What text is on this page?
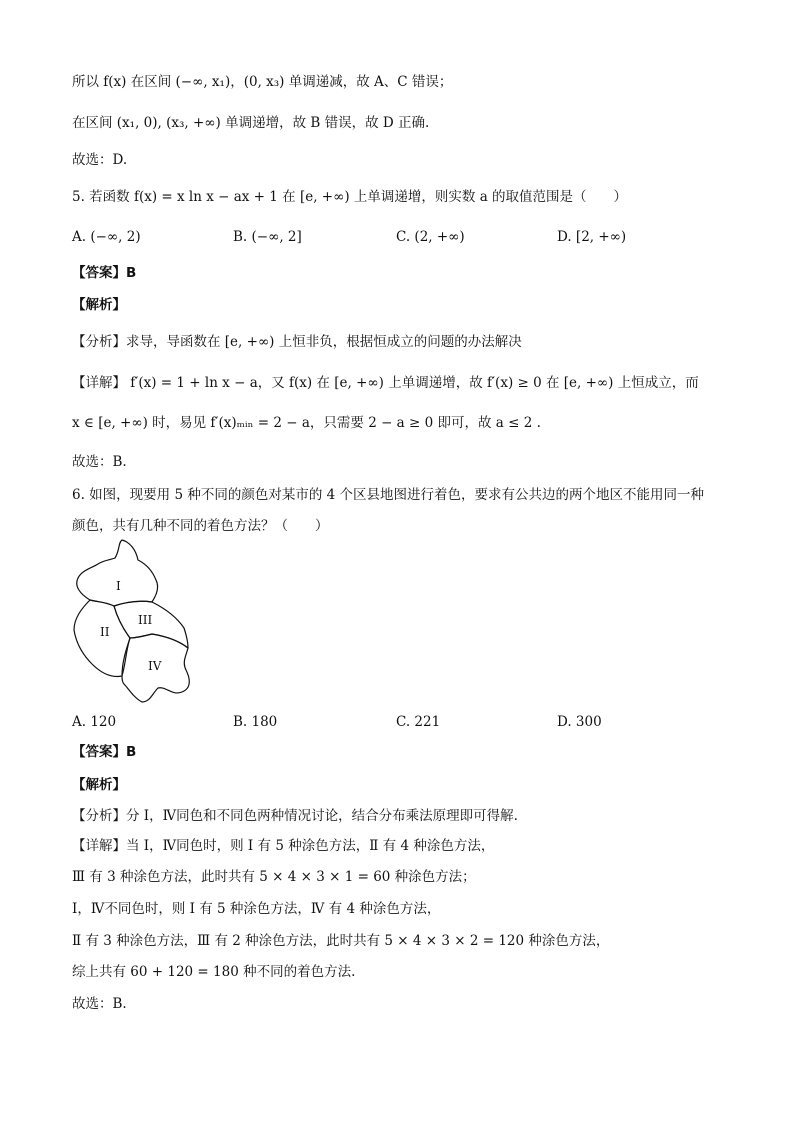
所以 f(x) 在区间 (−∞, x₁)，(0, x₃) 单调递减，故 A、C 错误；
在区间 (x₁, 0), (x₃, +∞) 单调递增，故 B 错误，故 D 正确.
故选：D.
5. 若函数 f(x) = x ln x − ax + 1 在 [e, +∞) 上单调递增，则实数 a 的取值范围是（　　）
A. (−∞, 2)	B. (−∞, 2]	C. (2, +∞)	D. [2, +∞)
【答案】B
【解析】
【分析】求导，导函数在 [e, +∞) 上恒非负，根据恒成立的问题的办法解决
【详解】 f′(x) = 1 + ln x − a，又 f(x) 在 [e, +∞) 上单调递增，故 f′(x) ≥ 0 在 [e, +∞) 上恒成立，而
x ∈ [e, +∞) 时，易见 f′(x)ₘᵢₙ = 2 − a，只需要 2 − a ≥ 0 即可，故 a ≤ 2 .
故选：B.
6. 如图，现要用 5 种不同的颜色对某市的 4 个区县地图进行着色，要求有公共边的两个地区不能用同一种
颜色，共有几种不同的着色方法？（　　）
I
II
III
IV
A. 120	B. 180	C. 221	D. 300
【答案】B
【解析】
【分析】分 Ⅰ，Ⅳ同色和不同色两种情况讨论，结合分布乘法原理即可得解.
【详解】当 Ⅰ，Ⅳ同色时，则 Ⅰ 有 5 种涂色方法，Ⅱ 有 4 种涂色方法，
Ⅲ 有 3 种涂色方法，此时共有 5 × 4 × 3 × 1 = 60 种涂色方法；
Ⅰ，Ⅳ不同色时，则 Ⅰ 有 5 种涂色方法，Ⅳ 有 4 种涂色方法，
Ⅱ 有 3 种涂色方法，Ⅲ 有 2 种涂色方法，此时共有 5 × 4 × 3 × 2 = 120 种涂色方法，
综上共有 60 + 120 = 180 种不同的着色方法.
故选：B.
